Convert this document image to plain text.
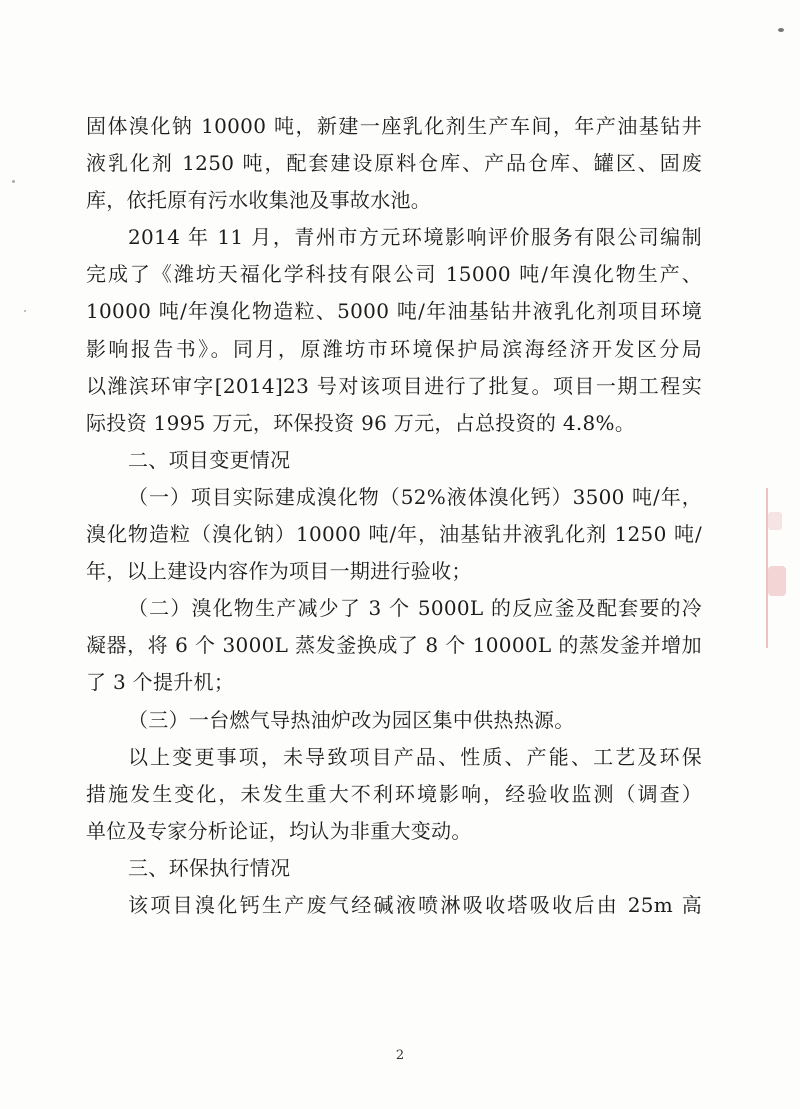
固体溴化钠 10000 吨，新建一座乳化剂生产车间，年产油基钻井
液乳化剂 1250 吨，配套建设原料仓库、产品仓库、罐区、固废
库，依托原有污水收集池及事故水池。
2014 年 11 月，青州市方元环境影响评价服务有限公司编制
完成了《潍坊天福化学科技有限公司 15000 吨/年溴化物生产、
10000 吨/年溴化物造粒、5000 吨/年油基钻井液乳化剂项目环境
影响报告书》。同月，原潍坊市环境保护局滨海经济开发区分局
以潍滨环审字[2014]23 号对该项目进行了批复。项目一期工程实
际投资 1995 万元，环保投资 96 万元，占总投资的 4.8%。
二、项目变更情况
（一）项目实际建成溴化物（52%液体溴化钙）3500 吨/年，
溴化物造粒（溴化钠）10000 吨/年，油基钻井液乳化剂 1250 吨/
年，以上建设内容作为项目一期进行验收；
（二）溴化物生产减少了 3 个 5000L 的反应釜及配套要的冷
凝器，将 6 个 3000L 蒸发釜换成了 8 个 10000L 的蒸发釜并增加
了 3 个提升机；
（三）一台燃气导热油炉改为园区集中供热热源。
以上变更事项，未导致项目产品、性质、产能、工艺及环保
措施发生变化，未发生重大不利环境影响，经验收监测（调查）
单位及专家分析论证，均认为非重大变动。
三、环保执行情况
该项目溴化钙生产废气经碱液喷淋吸收塔吸收后由 25m 高
2
